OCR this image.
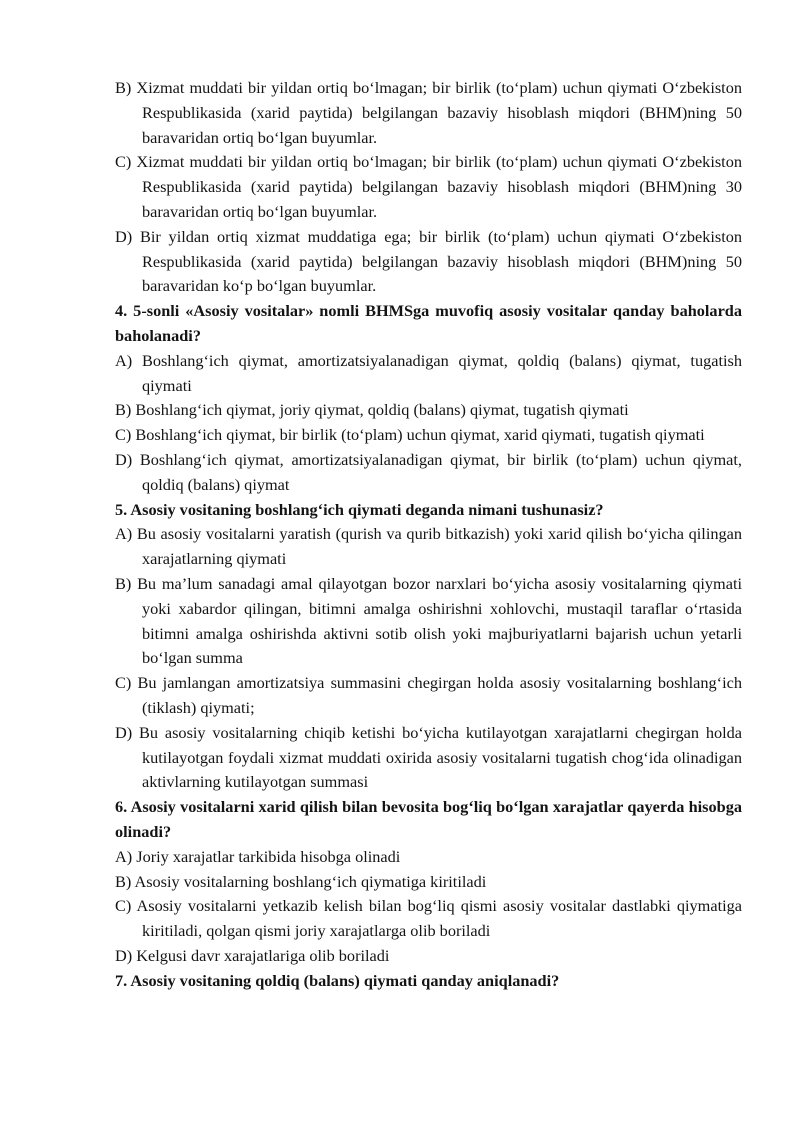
B) Xizmat muddati bir yildan ortiq bo‘lmagan; bir birlik (to‘plam) uchun qiymati O‘zbekiston Respublikasida (xarid paytida) belgilangan bazaviy hisoblash miqdori (BHM)ning 50 baravaridan ortiq bo‘lgan buyumlar.

C) Xizmat muddati bir yildan ortiq bo‘lmagan; bir birlik (to‘plam) uchun qiymati O‘zbekiston Respublikasida (xarid paytida) belgilangan bazaviy hisoblash miqdori (BHM)ning 30 baravaridan ortiq bo‘lgan buyumlar.

D) Bir yildan ortiq xizmat muddatiga ega; bir birlik (to‘plam) uchun qiymati O‘zbekiston Respublikasida (xarid paytida) belgilangan bazaviy hisoblash miqdori (BHM)ning 50 baravaridan ko‘p bo‘lgan buyumlar.

4. 5-sonli «Asosiy vositalar» nomli BHMSga muvofiq asosiy vositalar qanday baholarda baholanadi?

A) Boshlang‘ich qiymat, amortizatsiyalanadigan qiymat, qoldiq (balans) qiymat, tugatish qiymati

B) Boshlang‘ich qiymat, joriy qiymat, qoldiq (balans) qiymat, tugatish qiymati

C) Boshlang‘ich qiymat, bir birlik (to‘plam) uchun qiymat, xarid qiymati, tugatish qiymati

D) Boshlang‘ich qiymat, amortizatsiyalanadigan qiymat, bir birlik (to‘plam) uchun qiymat, qoldiq (balans) qiymat

5. Asosiy vositaning boshlang‘ich qiymati deganda nimani tushunasiz?

A) Bu asosiy vositalarni yaratish (qurish va qurib bitkazish) yoki xarid qilish bo‘yicha qilingan xarajatlarning qiymati

B) Bu ma’lum sanadagi amal qilayotgan bozor narxlari bo‘yicha asosiy vositalarning qiymati yoki xabardor qilingan, bitimni amalga oshirishni xohlovchi, mustaqil taraflar o‘rtasida bitimni amalga oshirishda aktivni sotib olish yoki majburiyatlarni bajarish uchun yetarli bo‘lgan summa

C) Bu jamlangan amortizatsiya summasini chegirgan holda asosiy vositalarning boshlang‘ich (tiklash) qiymati;

D) Bu asosiy vositalarning chiqib ketishi bo‘yicha kutilayotgan xarajatlarni chegirgan holda kutilayotgan foydali xizmat muddati oxirida asosiy vositalarni tugatish chog‘ida olinadigan aktivlarning kutilayotgan summasi

6. Asosiy vositalarni xarid qilish bilan bevosita bog‘liq bo‘lgan xarajatlar qayerda hisobga olinadi?

A) Joriy xarajatlar tarkibida hisobga olinadi

B) Asosiy vositalarning boshlang‘ich qiymatiga kiritiladi

C) Asosiy vositalarni yetkazib kelish bilan bog‘liq qismi asosiy vositalar dastlabki qiymatiga kiritiladi, qolgan qismi joriy xarajatlarga olib boriladi

D) Kelgusi davr xarajatlariga olib boriladi

7. Asosiy vositaning qoldiq (balans) qiymati qanday aniqlanadi?
